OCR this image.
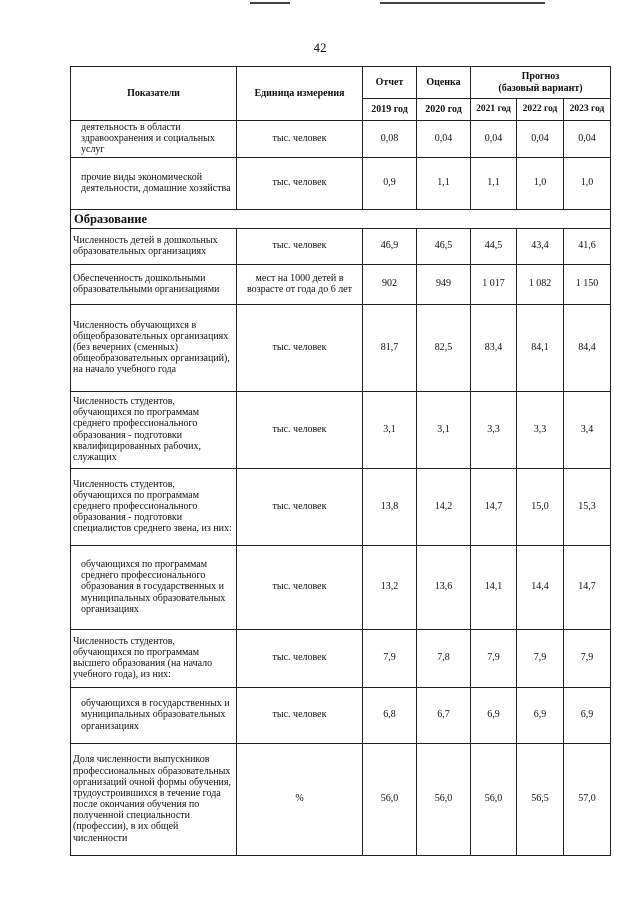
42
Показатели	Единица измерения	Отчет	Оценка	Прогноз
(базовый вариант)		
		2019 год	2020 год	2021 год	2022 год	2023 год
деятельность в области здравоохранения и социальных услуг	тыс. человек	0,08	0,04	0,04	0,04	0,04
прочие виды экономической деятельности, домашние хозяйства	тыс. человек	0,9	1,1	1,1	1,0	1,0
Образование						
Численность детей в дошкольных образовательных организациях	тыс. человек	46,9	46,5	44,5	43,4	41,6
Обеспеченность дошкольными образовательными организациями	мест на 1000 детей в возрасте от года до 6 лет	902	949	1 017	1 082	1 150
Численность обучающихся в общеобразовательных организациях (без вечерних (сменных) общеобразовательных организаций), на начало учебного года	тыс. человек	81,7	82,5	83,4	84,1	84,4
Численность студентов, обучающихся по программам среднего профессионального образования - подготовки квалифицированных рабочих, служащих	тыс. человек	3,1	3,1	3,3	3,3	3,4
Численность студентов, обучающихся по программам среднего профессионального образования - подготовки специалистов среднего звена, из них:	тыс. человек	13,8	14,2	14,7	15,0	15,3
обучающихся по программам среднего профессионального образования в государственных и муниципальных образовательных организациях	тыс. человек	13,2	13,6	14,1	14,4	14,7
Численность студентов, обучающихся по программам высшего образования (на начало учебного года), из них:	тыс. человек	7,9	7,8	7,9	7,9	7,9
обучающихся в государственных и муниципальных образовательных организациях	тыс. человек	6,8	6,7	6,9	6,9	6,9
Доля численности выпускников профессиональных образовательных организаций очной формы обучения, трудоустроившихся в течение года после окончания обучения по полученной специальности (профессии), в их общей численности	%	56,0	56,0	56,0	56,5	57,0
